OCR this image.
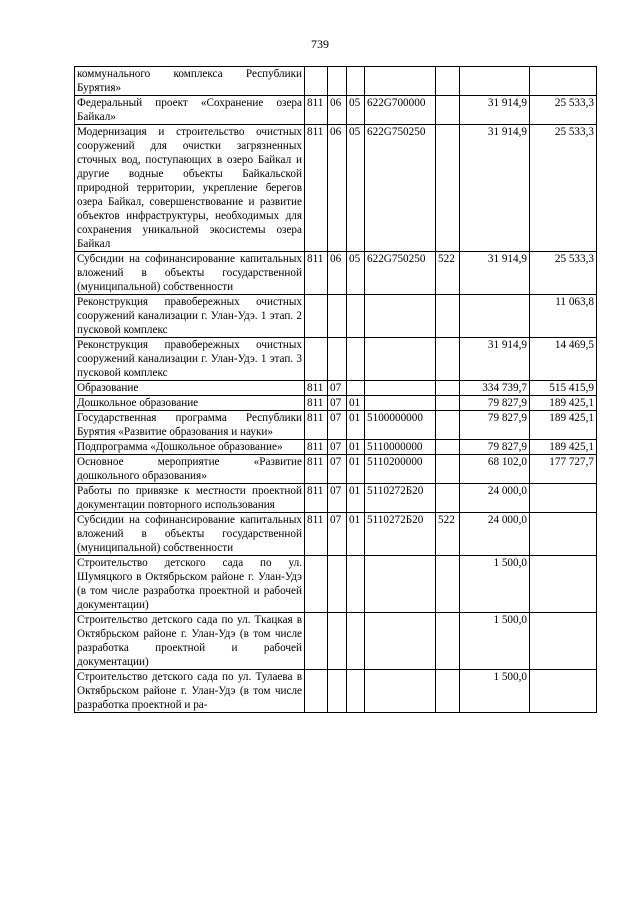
739
коммунального комплекса Республики Бурятия»							
Федеральный проект «Сохранение озера Байкал»	811	06	05	622G700000		31 914,9	25 533,3
Модернизация и строительство очистных сооружений для очистки загрязненных сточных вод, поступающих в озеро Байкал и другие водные объекты Байкальской природной территории, укрепление берегов озера Байкал, совершенствование и развитие объектов инфраструктуры, необходимых для сохранения уникальной экосистемы озера Байкал	811	06	05	622G750250		31 914,9	25 533,3
Субсидии на софинансирование капитальных вложений в объекты государственной (муниципальной) собственности	811	06	05	622G750250	522	31 914,9	25 533,3
Реконструкция правобережных очистных сооружений канализации г. Улан-Удэ. 1 этап. 2 пусковой комплекс							11 063,8
Реконструкция правобережных очистных сооружений канализации г. Улан-Удэ. 1 этап. 3 пусковой комплекс						31 914,9	14 469,5
Образование	811	07				334 739,7	515 415,9
Дошкольное образование	811	07	01			79 827,9	189 425,1
Государственная программа Республики Бурятия «Развитие образования и науки»	811	07	01	5100000000		79 827,9	189 425,1
Подпрограмма «Дошкольное образование»	811	07	01	5110000000		79 827,9	189 425,1
Основное мероприятие «Развитие дошкольного образования»	811	07	01	5110200000		68 102,0	177 727,7
Работы по привязке к местности проектной документации повторного использования	811	07	01	5110272Б20		24 000,0	
Субсидии на софинансирование капитальных вложений в объекты государственной (муниципальной) собственности	811	07	01	5110272Б20	522	24 000,0	
Строительство детского сада по ул. Шумяцкого в Октябрьском районе г. Улан-Удэ (в том числе разработка проектной и рабочей документации)						1 500,0	
Строительство детского сада по ул. Ткацкая в Октябрьском районе г. Улан-Удэ (в том числе разработка проектной и рабочей документации)						1 500,0	
Строительство детского сада по ул. Тулаева в Октябрьском районе г. Улан-Удэ (в том числе разработка проектной и ра-						1 500,0	
